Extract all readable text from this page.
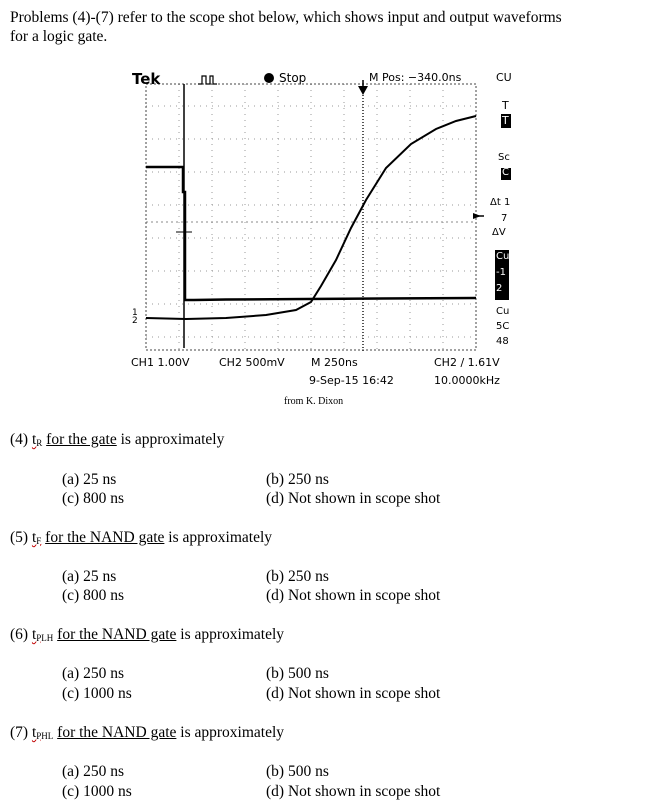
Problems (4)-(7) refer to the scope shot below, which shows input and output waveforms
for a logic gate.
Tek	Stop	M Pos: −340.0ns	CU
T
T
Sc
C
Δt 1
7
ΔV
Cu
-1
2
Cu
5C
48
1
2
CH1 1.00V	CH2 500mV M 250ns	CH2 ∕ 1.61V
9-Sep-15 16:42	10.0000kHz
from K. Dixon
(4) $t_R$ for the gate is approximately
(a) 25 ns	(b) 250 ns
(c) 800 ns	(d) Not shown in scope shot
(5) $t_F$ for the NAND gate is approximately
(a) 25 ns	(b) 250 ns
(c) 800 ns	(d) Not shown in scope shot
(6) $t_{PLH}$ for the NAND gate is approximately
(a) 250 ns	(b) 500 ns
(c) 1000 ns	(d) Not shown in scope shot
(7) $t_{PHL}$ for the NAND gate is approximately
(a) 250 ns	(b) 500 ns
(c) 1000 ns	(d) Not shown in scope shot
